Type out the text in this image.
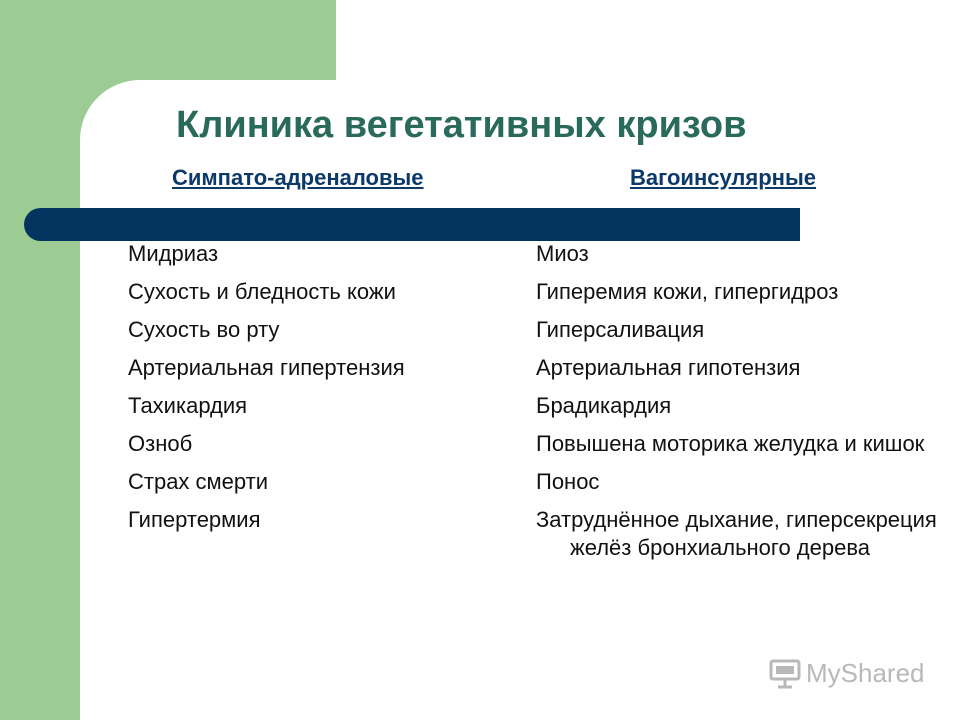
Клиника вегетативных кризов

Симпато-адреналовые	Вагоинсулярные

Мидриаз
Сухость и бледность кожи
Сухость во рту
Артериальная гипертензия
Тахикардия
Озноб
Страх смерти
Гипертермия
Миоз
Гиперемия кожи, гипергидроз
Гиперсаливация
Артериальная гипотензия
Брадикардия
Повышена моторика желудка и кишок
Понос
Затруднённое дыхание, гиперсекреция желёз бронхиального дерева
MyShared
